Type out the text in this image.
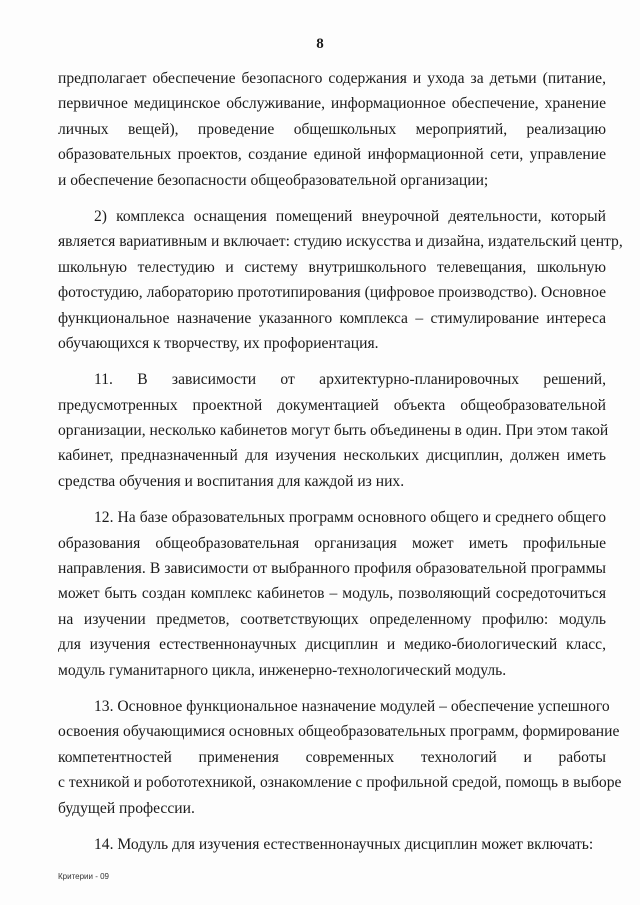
8
предполагает обеспечение безопасного содержания и ухода за детьми (питание,
первичное медицинское обслуживание, информационное обеспечение, хранение
личных вещей), проведение общешкольных мероприятий, реализацию
образовательных проектов, создание единой информационной сети, управление
и обеспечение безопасности общеобразовательной организации;
2) комплекса оснащения помещений внеурочной деятельности, который
является вариативным и включает: студию искусства и дизайна, издательский центр,
школьную телестудию и систему внутришкольного телевещания, школьную
фотостудию, лабораторию прототипирования (цифровое производство). Основное
функциональное назначение указанного комплекса – стимулирование интереса
обучающихся к творчеству, их профориентация.
11. В зависимости от архитектурно-планировочных решений,
предусмотренных проектной документацией объекта общеобразовательной
организации, несколько кабинетов могут быть объединены в один. При этом такой
кабинет, предназначенный для изучения нескольких дисциплин, должен иметь
средства обучения и воспитания для каждой из них.
12. На базе образовательных программ основного общего и среднего общего
образования общеобразовательная организация может иметь профильные
направления. В зависимости от выбранного профиля образовательной программы
может быть создан комплекс кабинетов – модуль, позволяющий сосредоточиться
на изучении предметов, соответствующих определенному профилю: модуль
для изучения естественнонаучных дисциплин и медико-биологический класс,
модуль гуманитарного цикла, инженерно-технологический модуль.
13. Основное функциональное назначение модулей – обеспечение успешного
освоения обучающимися основных общеобразовательных программ, формирование
компетентностей применения современных технологий и работы
с техникой и робототехникой, ознакомление с профильной средой, помощь в выборе
будущей профессии.
14. Модуль для изучения естественнонаучных дисциплин может включать:
Критерии - 09
